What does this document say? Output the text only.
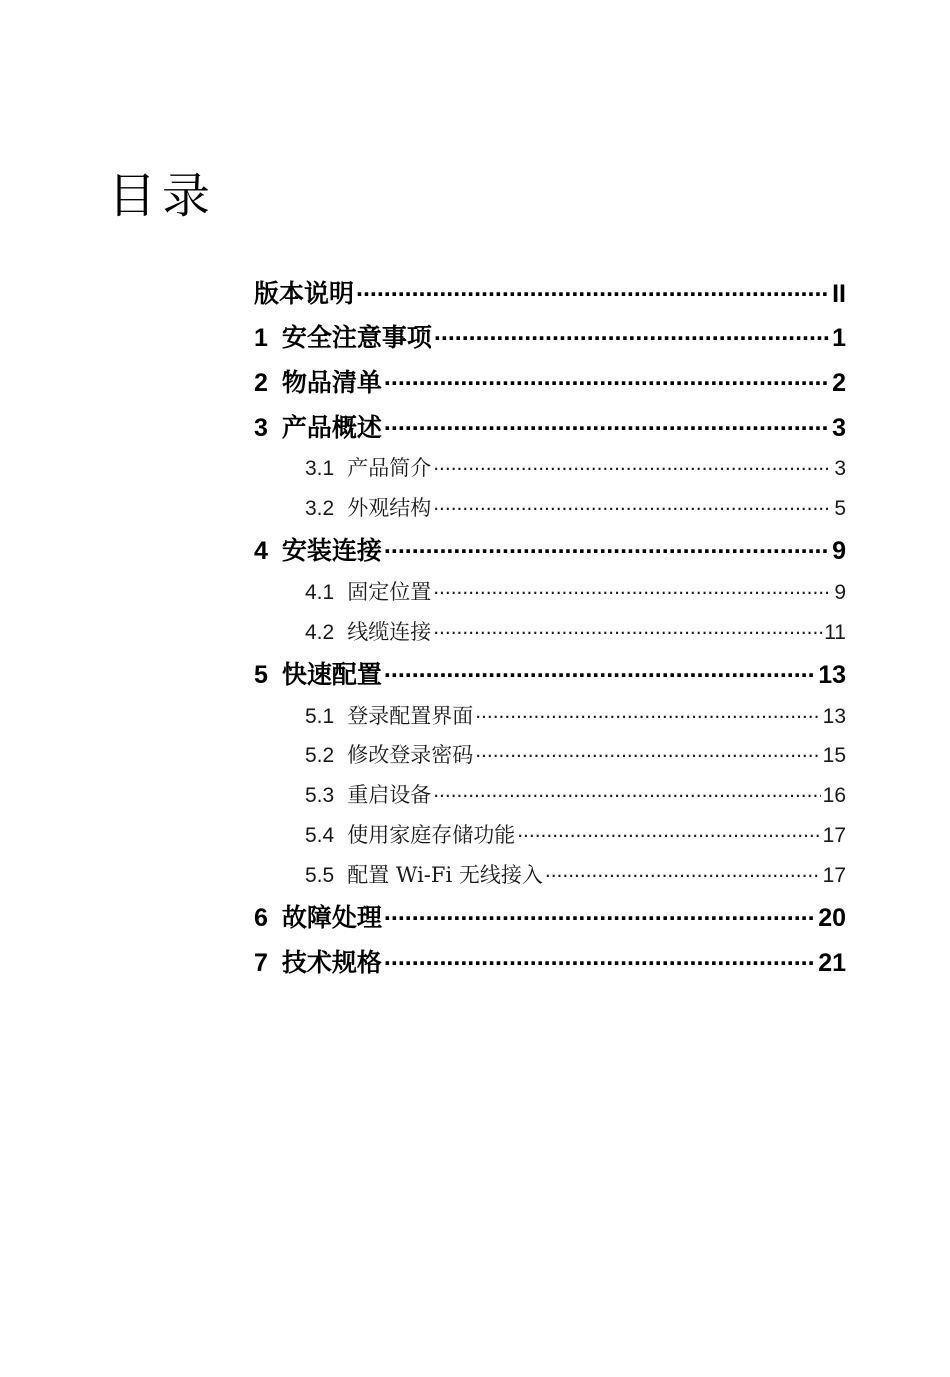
目录
版本说明 .....	II
1 安全注意事项 .....	1
2 物品清单 .....	2
3 产品概述 .....	3
3.1 产品简介 .....	3
3.2 外观结构 .....	5
4 安装连接 .....	9
4.1 固定位置 .....	9
4.2 线缆连接 .....	11
5 快速配置 .....	13
5.1 登录配置界面 .....	13
5.2 修改登录密码 .....	15
5.3 重启设备 .....	16
5.4 使用家庭存储功能 .....	17
5.5 配置 Wi-Fi 无线接入 .....	17
6 故障处理 .....	20
7 技术规格 .....	21
